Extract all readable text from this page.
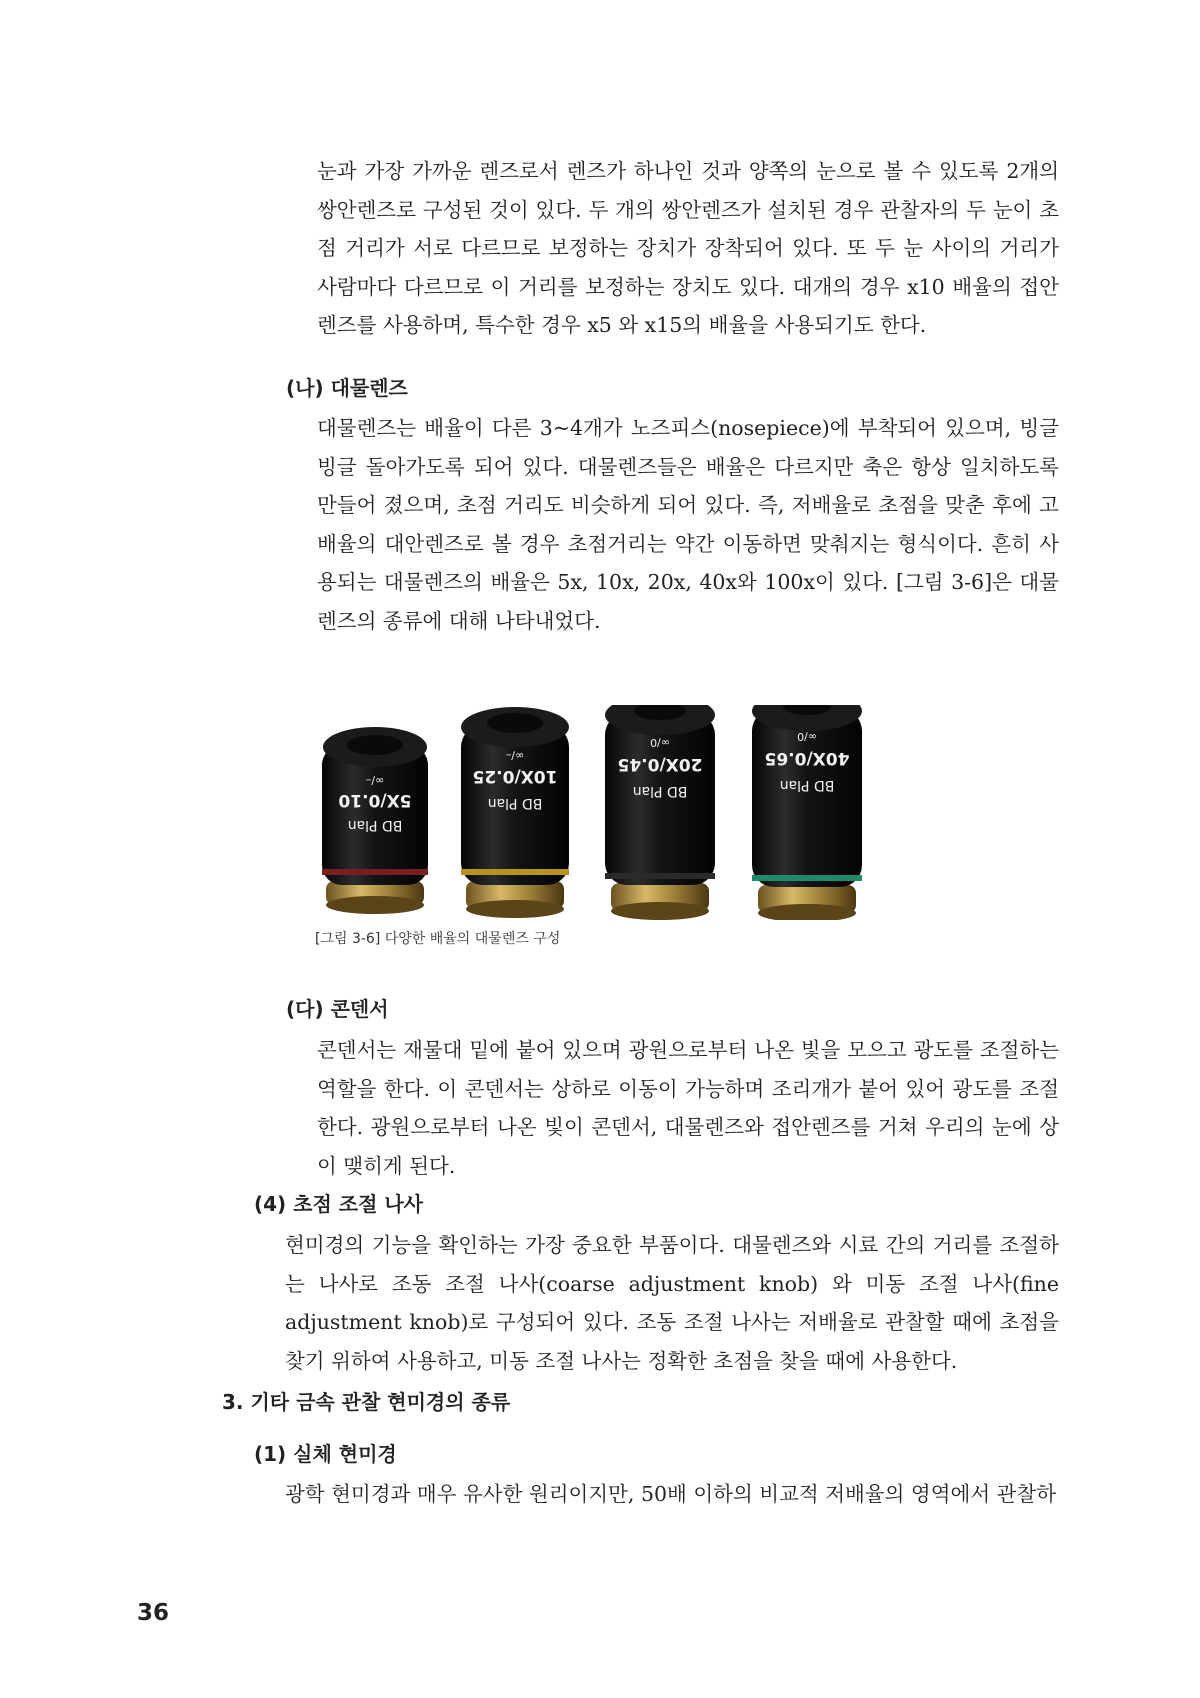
눈과 가장 가까운 렌즈로서 렌즈가 하나인 것과 양쪽의 눈으로 볼 수 있도록 2개의 쌍안렌즈로 구성된 것이 있다. 두 개의 쌍안렌즈가 설치된 경우 관찰자의 두 눈이 초점 거리가 서로 다르므로 보정하는 장치가 장착되어 있다. 또 두 눈 사이의 거리가 사람마다 다르므로 이 거리를 보정하는 장치도 있다. 대개의 경우 x10 배율의 접안렌즈를 사용하며, 특수한 경우 x5 와 x15의 배율을 사용되기도 한다.

(나) 대물렌즈

대물렌즈는 배율이 다른 3~4개가 노즈피스(nosepiece)에 부착되어 있으며, 빙글빙글 돌아가도록 되어 있다. 대물렌즈들은 배율은 다르지만 축은 항상 일치하도록 만들어 졌으며, 초점 거리도 비슷하게 되어 있다. 즉, 저배율로 초점을 맞춘 후에 고배율의 대안렌즈로 볼 경우 초점거리는 약간 이동하면 맞춰지는 형식이다. 흔히 사용되는 대물렌즈의 배율은 5x, 10x, 20x, 40x와 100x이 있다. [그림 3-6]은 대물렌즈의 종류에 대해 나타내었다.

∞/–
5X/0.10
BD Plan
∞/–
10X/0.25
BD Plan
∞/0
20X/0.45
BD Plan
∞/0
40X/0.65
BD Plan

[그림 3-6] 다양한 배율의 대물렌즈 구성

(다) 콘덴서

콘덴서는 재물대 밑에 붙어 있으며 광원으로부터 나온 빛을 모으고 광도를 조절하는 역할을 한다. 이 콘덴서는 상하로 이동이 가능하며 조리개가 붙어 있어 광도를 조절한다. 광원으로부터 나온 빛이 콘덴서, 대물렌즈와 접안렌즈를 거쳐 우리의 눈에 상이 맺히게 된다.

(4) 초점 조절 나사

현미경의 기능을 확인하는 가장 중요한 부품이다. 대물렌즈와 시료 간의 거리를 조절하는 나사로 조동 조절 나사(coarse adjustment knob) 와 미동 조절 나사(fine adjustment knob)로 구성되어 있다. 조동 조절 나사는 저배율로 관찰할 때에 초점을 찾기 위하여 사용하고, 미동 조절 나사는 정확한 초점을 찾을 때에 사용한다.

3. 기타 금속 관찰 현미경의 종류
(1) 실체 현미경

광학 현미경과 매우 유사한 원리이지만, 50배 이하의 비교적 저배율의 영역에서 관찰하

36
